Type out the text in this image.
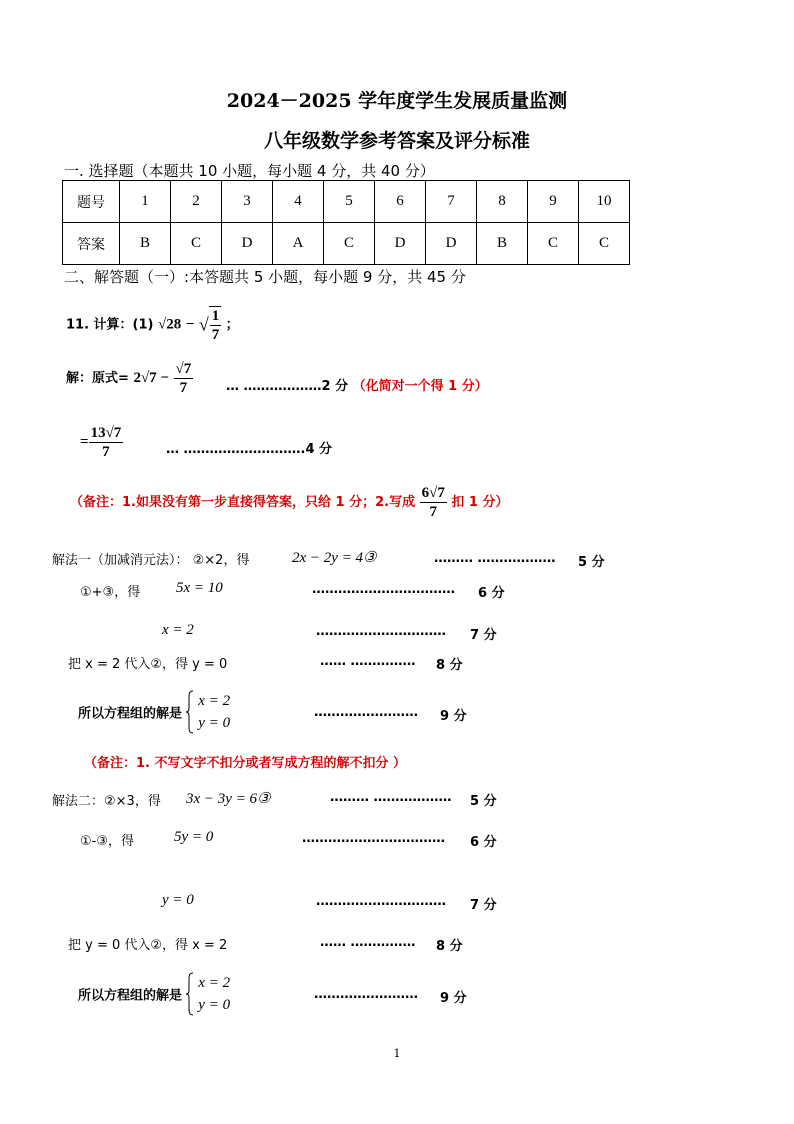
2024－2025 学年度学生发展质量监测
八年级数学参考答案及评分标准
一. 选择题（本题共 10 小题，每小题 4 分，共 40 分）
题号	1	2	3	4	5	6	7	8	9	10
答案	B	C	D	A	C	D	D	B	C	C
二、解答题（一）:本答题共 5 小题，每小题 9 分，共 45 分
11. 计算：(1) √28 − √ $\frac{1}{7}$ ；
解：原式= $2√7 - \frac{√7}{7}$	… ………………2 分 （化简对一个得 1 分）
= $\frac{13√7}{7}$	… ……………………….4 分
（备注：1.如果没有第一步直接得答案，只给 1 分；2.写成 $\frac{6√7}{7}$ 扣 1 分）
解法一（加减消元法）： ②×2，得	2x − 2y = 4③	……… ……………… 5 分
①+③，得 5x = 10	…………………………… 6 分
x = 2	………………………… 7 分
把 x = 2 代入②，得 y = 0	…… …………… 8 分
所以方程组的解是
x = 2
y = 0
…………………… 9 分
（备注：1. 不写文字不扣分或者写成方程的解不扣分 ）
解法二：②×3，得 3x − 3y = 6③	……… ……………… 5 分
①-③，得	5y = 0	…………………………… 6 分
y = 0	………………………… 7 分
把 y = 0 代入②，得 x = 2	…… …………… 8 分
所以方程组的解是
x = 2
y = 0
…………………… 9 分
1
